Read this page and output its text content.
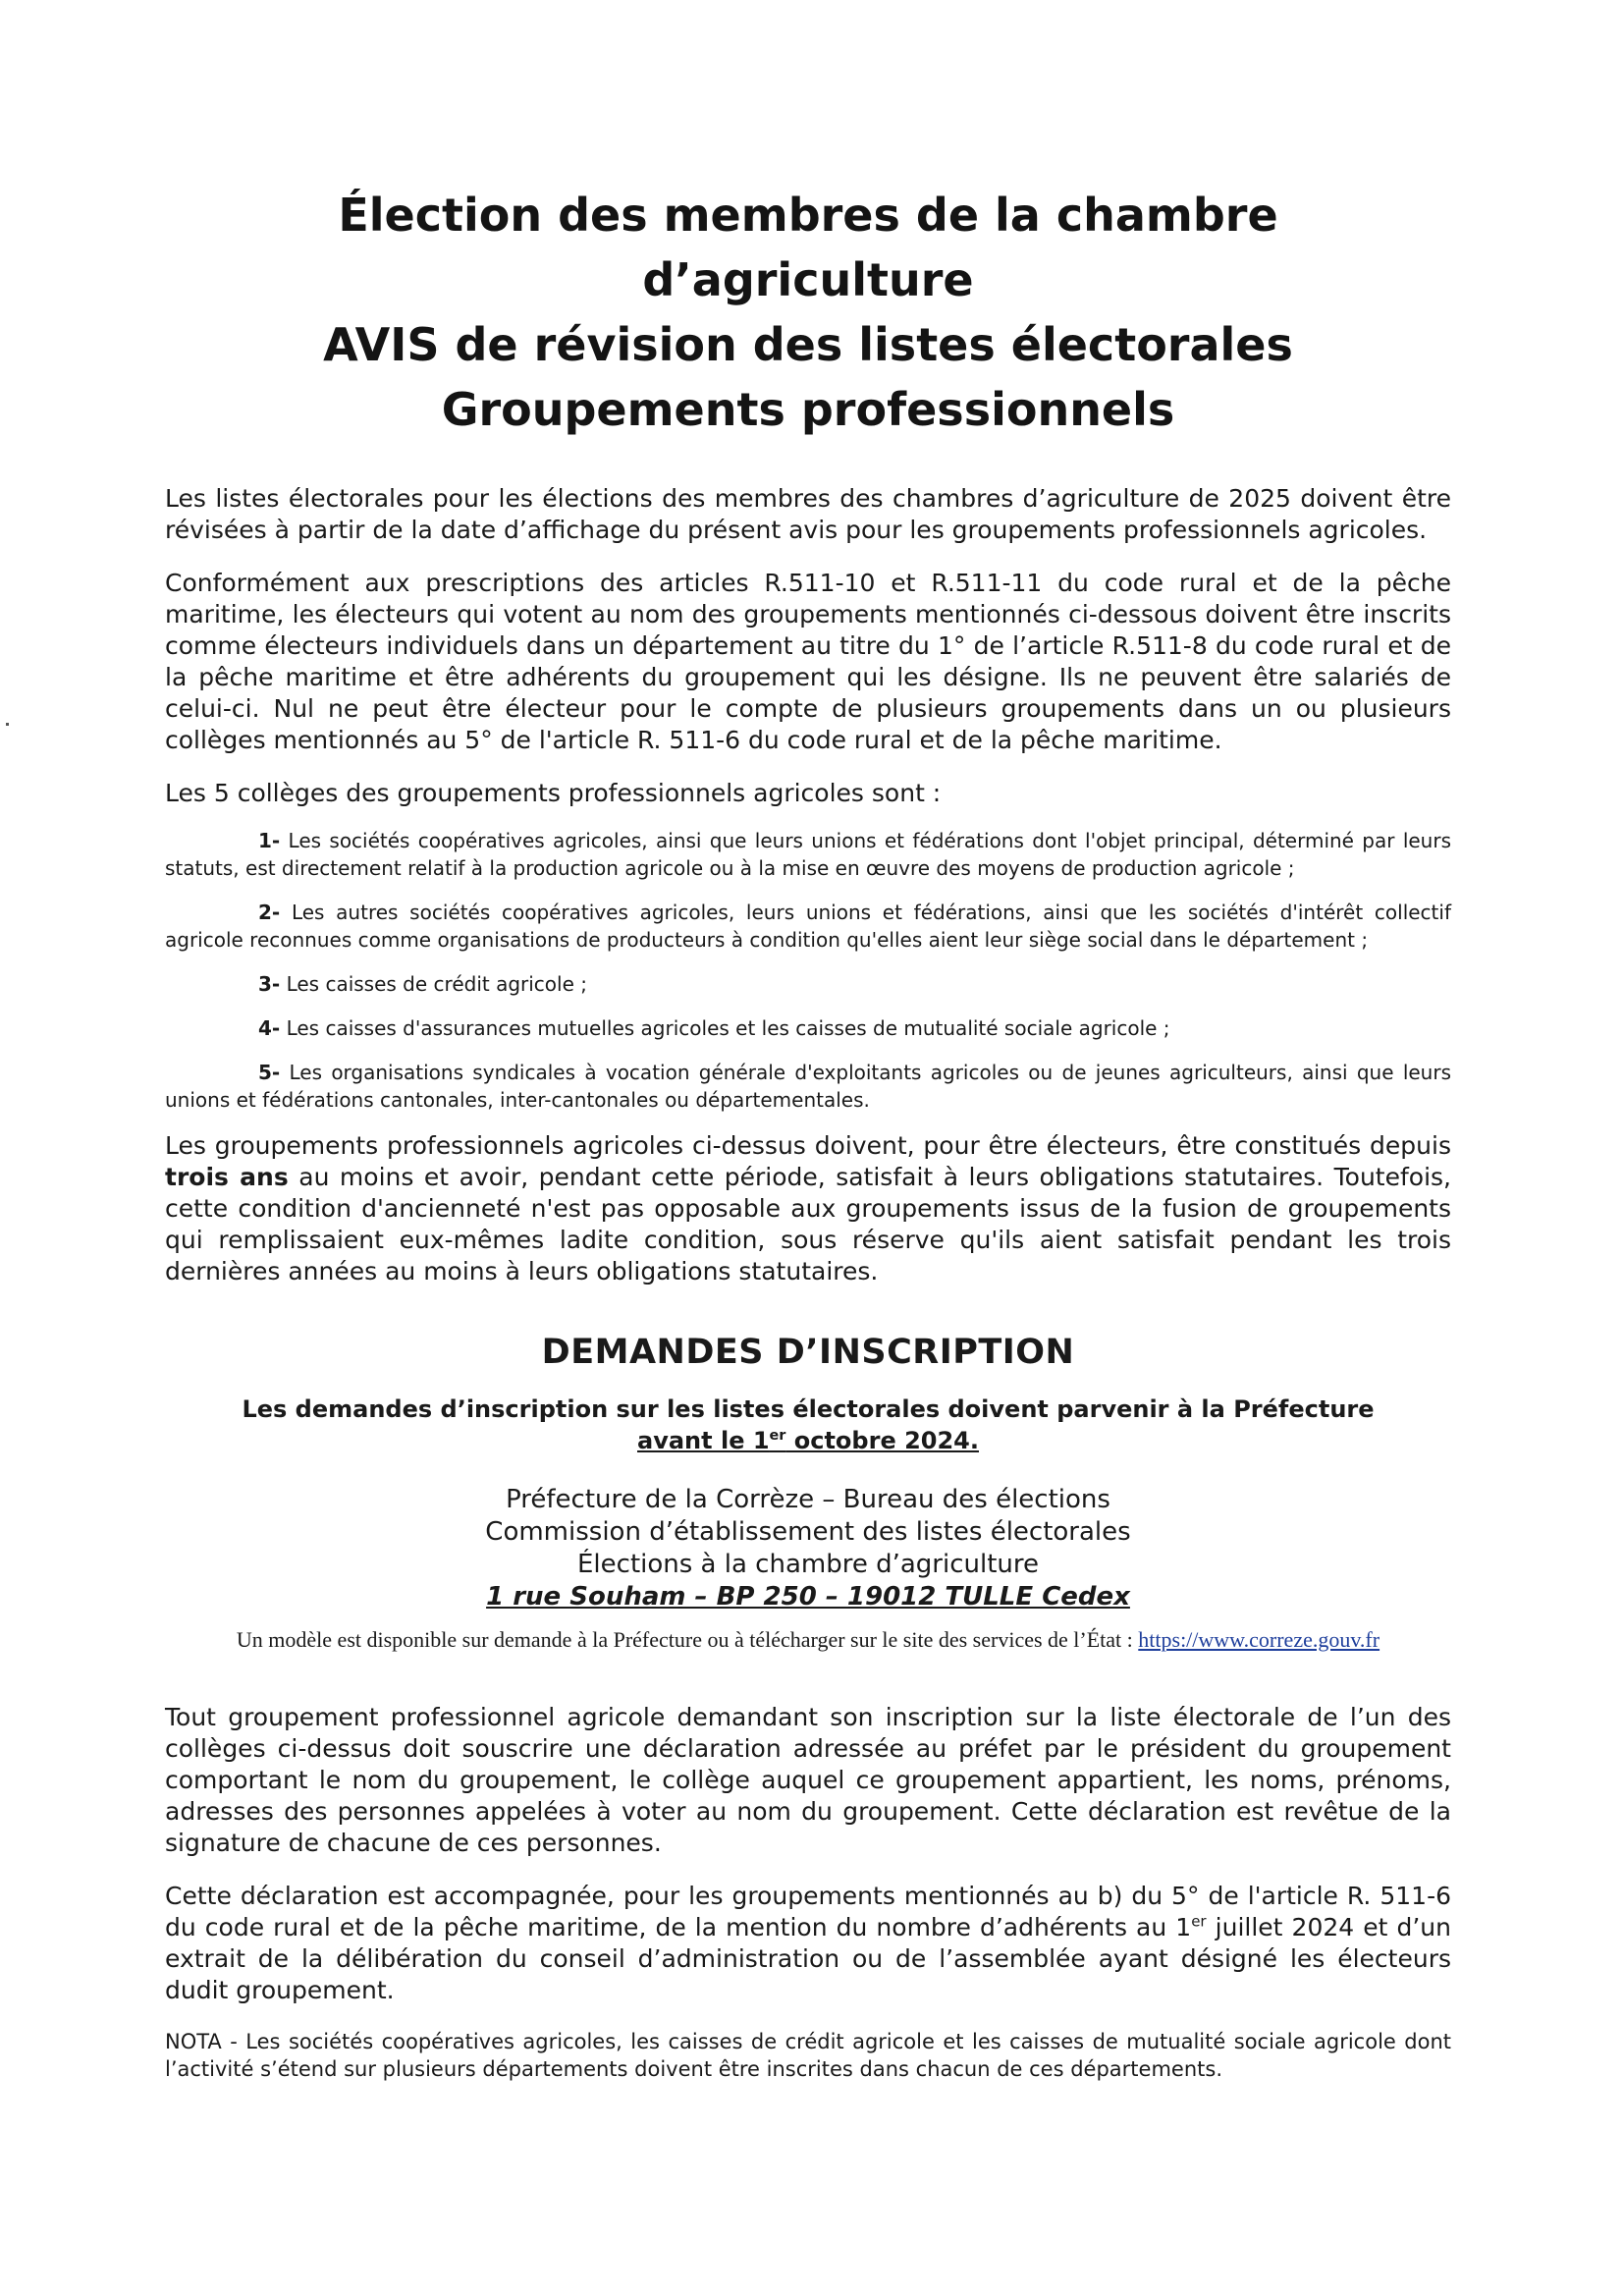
Élection des membres de la chambre d’agriculture
AVIS de révision des listes électorales
Groupements professionnels

Les listes électorales pour les élections des membres des chambres d’agriculture de 2025 doivent être révisées à partir de la date d’affichage du présent avis pour les groupements professionnels agricoles.

Conformément aux prescriptions des articles R.511-10 et R.511-11 du code rural et de la pêche maritime, les électeurs qui votent au nom des groupements mentionnés ci-dessous doivent être inscrits comme électeurs individuels dans un département au titre du 1° de l’article R.511-8 du code rural et de la pêche maritime et être adhérents du groupement qui les désigne. Ils ne peuvent être salariés de celui-ci. Nul ne peut être électeur pour le compte de plusieurs groupements dans un ou plusieurs collèges mentionnés au 5° de l'article R. 511-6 du code rural et de la pêche maritime.

Les 5 collèges des groupements professionnels agricoles sont :

1- Les sociétés coopératives agricoles, ainsi que leurs unions et fédérations dont l'objet principal, déterminé par leurs statuts, est directement relatif à la production agricole ou à la mise en œuvre des moyens de production agricole ;
2- Les autres sociétés coopératives agricoles, leurs unions et fédérations, ainsi que les sociétés d'intérêt collectif agricole reconnues comme organisations de producteurs à condition qu'elles aient leur siège social dans le département ;
3- Les caisses de crédit agricole ;
4- Les caisses d'assurances mutuelles agricoles et les caisses de mutualité sociale agricole ;
5- Les organisations syndicales à vocation générale d'exploitants agricoles ou de jeunes agriculteurs, ainsi que leurs unions et fédérations cantonales, inter-cantonales ou départementales.

Les groupements professionnels agricoles ci-dessus doivent, pour être électeurs, être constitués depuis trois ans au moins et avoir, pendant cette période, satisfait à leurs obligations statutaires. Toutefois, cette condition d'ancienneté n'est pas opposable aux groupements issus de la fusion de groupements qui remplissaient eux-mêmes ladite condition, sous réserve qu'ils aient satisfait pendant les trois dernières années au moins à leurs obligations statutaires.

DEMANDES D’INSCRIPTION
Les demandes d’inscription sur les listes électorales doivent parvenir à la Préfecture
avant le 1er octobre 2024.
Préfecture de la Corrèze – Bureau des élections
Commission d’établissement des listes électorales
Élections à la chambre d’agriculture
1 rue Souham – BP 250 – 19012 TULLE Cedex
Un modèle est disponible sur demande à la Préfecture ou à télécharger sur le site des services de l’État : https://www.correze.gouv.fr

Tout groupement professionnel agricole demandant son inscription sur la liste électorale de l’un des collèges ci-dessus doit souscrire une déclaration adressée au préfet par le président du groupement comportant le nom du groupement, le collège auquel ce groupement appartient, les noms, prénoms, adresses des personnes appelées à voter au nom du groupement. Cette déclaration est revêtue de la signature de chacune de ces personnes.

Cette déclaration est accompagnée, pour les groupements mentionnés au b) du 5° de l'article R. 511-6 du code rural et de la pêche maritime, de la mention du nombre d’adhérents au 1er juillet 2024 et d’un extrait de la délibération du conseil d’administration ou de l’assemblée ayant désigné les électeurs dudit groupement.

NOTA - Les sociétés coopératives agricoles, les caisses de crédit agricole et les caisses de mutualité sociale agricole dont l’activité s’étend sur plusieurs départements doivent être inscrites dans chacun de ces départements.
